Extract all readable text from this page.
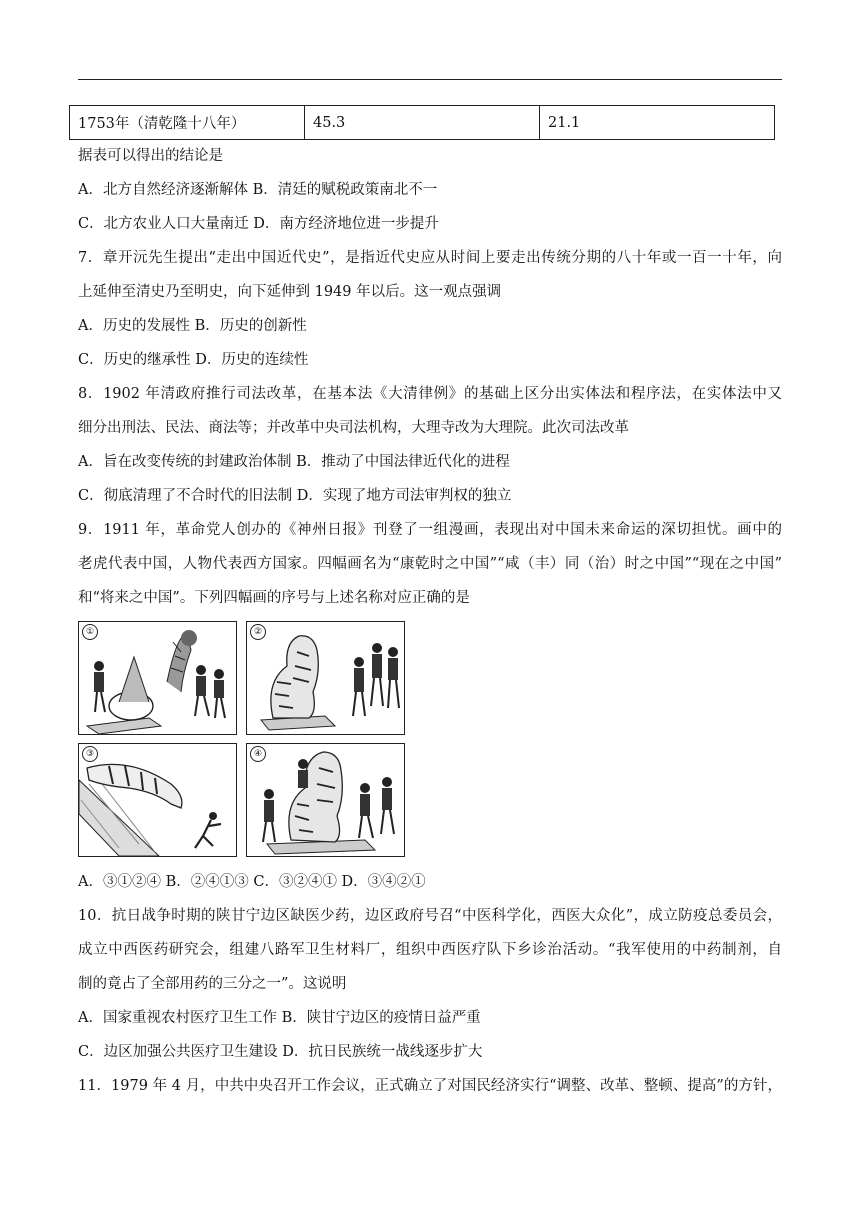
1753年（清乾隆十八年）	45.3	21.1
据表可以得出的结论是
A．北方自然经济逐渐解体 B．清廷的赋税政策南北不一
C．北方农业人口大量南迁 D．南方经济地位进一步提升
7．章开沅先生提出“走出中国近代史”，是指近代史应从时间上要走出传统分期的八十年或一百一十年，向
上延伸至清史乃至明史，向下延伸到 1949 年以后。这一观点强调
A．历史的发展性 B．历史的创新性
C．历史的继承性 D．历史的连续性
8．1902 年清政府推行司法改革，在基本法《大清律例》的基础上区分出实体法和程序法，在实体法中又
细分出刑法、民法、商法等；并改革中央司法机构，大理寺改为大理院。此次司法改革
A．旨在改变传统的封建政治体制 B．推动了中国法律近代化的进程
C．彻底清理了不合时代的旧法制 D．实现了地方司法审判权的独立
9．1911 年，革命党人创办的《神州日报》刊登了一组漫画，表现出对中国未来命运的深切担忧。画中的
老虎代表中国，人物代表西方国家。四幅画名为“康乾时之中国”“咸（丰）同（治）时之中国”“现在之中国”
和“将来之中国”。下列四幅画的序号与上述名称对应正确的是
①	②
③	④
A．③①②④ B．②④①③ C．③②④① D．③④②①
10．抗日战争时期的陕甘宁边区缺医少药，边区政府号召“中医科学化，西医大众化”，成立防疫总委员会，
成立中西医药研究会，组建八路军卫生材料厂，组织中西医疗队下乡诊治活动。“我军使用的中药制剂，自
制的竟占了全部用药的三分之一”。这说明
A．国家重视农村医疗卫生工作 B．陕甘宁边区的疫情日益严重
C．边区加强公共医疗卫生建设 D．抗日民族统一战线逐步扩大
11．1979 年 4 月，中共中央召开工作会议，正式确立了对国民经济实行“调整、改革、整顿、提高”的方针，
